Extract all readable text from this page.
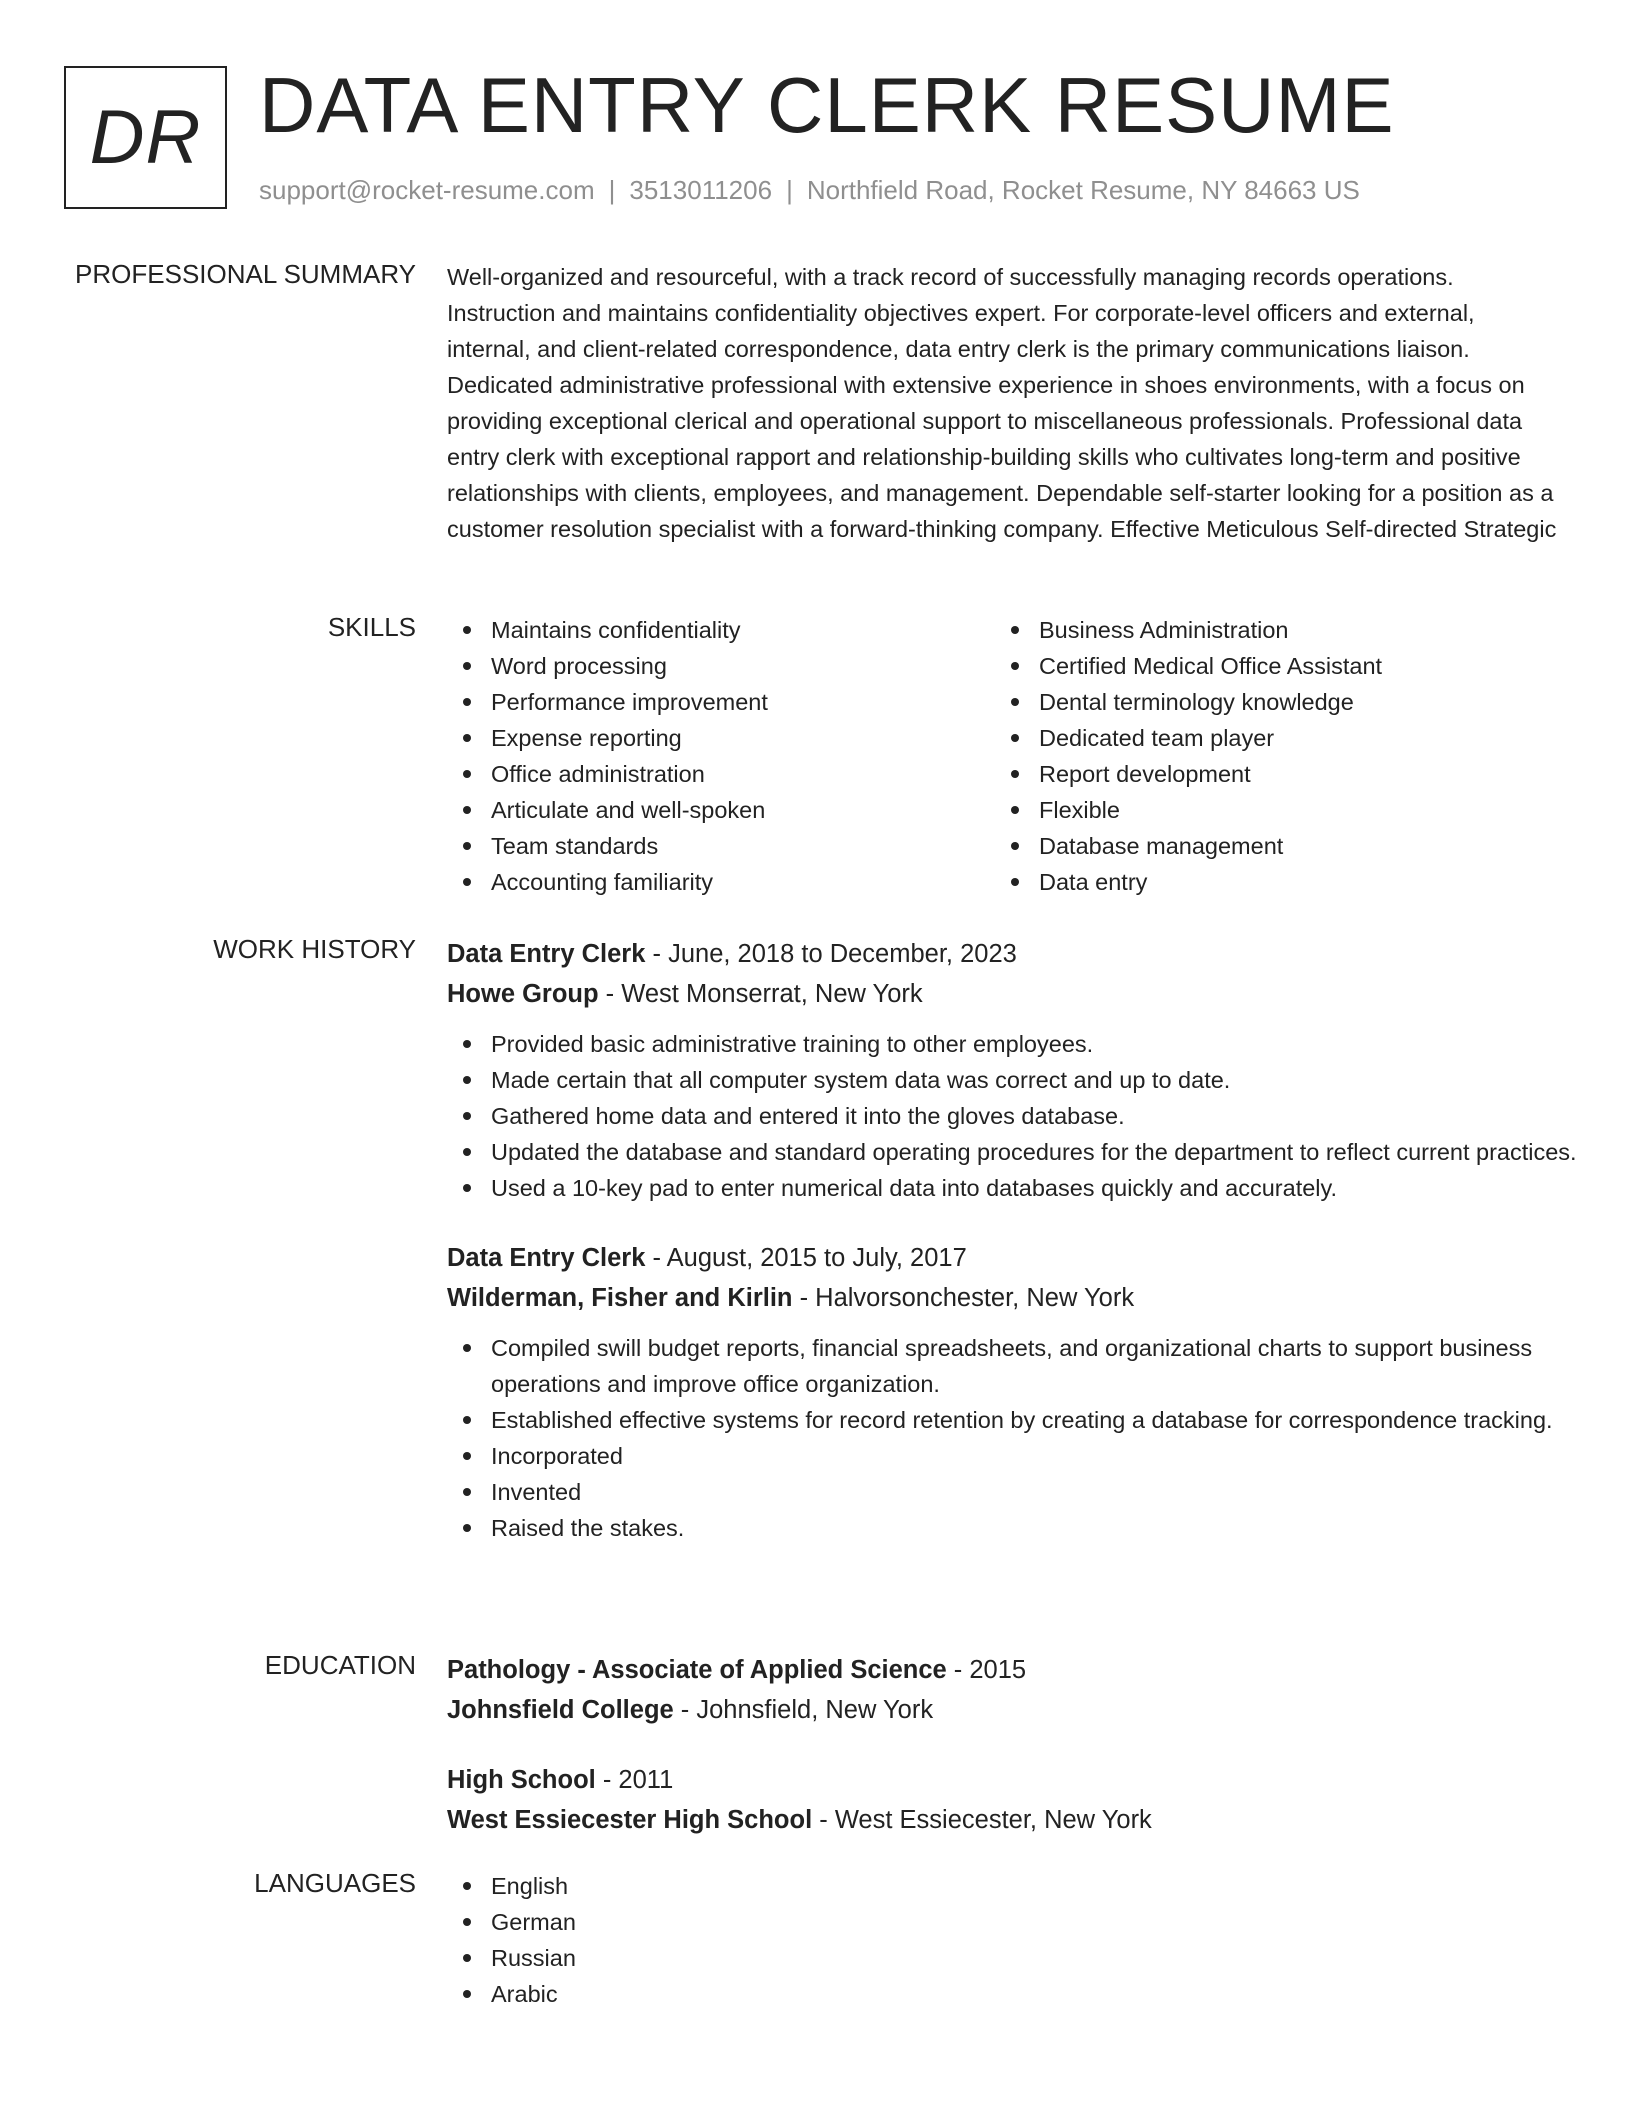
DR DATA ENTRY CLERK RESUME
support@rocket-resume.com | 3513011206 | Northfield Road, Rocket Resume, NY 84663 US
PROFESSIONAL SUMMARY Well-organized and resourceful, with a track record of successfully managing records operations. Instruction and maintains confidentiality objectives expert. For corporate-level officers and external, internal, and client-related correspondence, data entry clerk is the primary communications liaison. Dedicated administrative professional with extensive experience in shoes environments, with a focus on providing exceptional clerical and operational support to miscellaneous professionals. Professional data entry clerk with exceptional rapport and relationship-building skills who cultivates long-term and positive relationships with clients, employees, and management. Dependable self-starter looking for a position as a customer resolution specialist with a forward-thinking company. Effective Meticulous Self-directed Strategic
SKILLS	Maintains confidentiality
Word processing
Performance improvement
Expense reporting
Office administration
Articulate and well-spoken
Team standards
Accounting familiarity
Business Administration
Certified Medical Office Assistant
Dental terminology knowledge
Dedicated team player
Report development
Flexible
Database management
Data entry
WORK HISTORY Data Entry Clerk - June, 2018 to December, 2023
Howe Group - West Monserrat, New York
Provided basic administrative training to other employees.
Made certain that all computer system data was correct and up to date.
Gathered home data and entered it into the gloves database.
Updated the database and standard operating procedures for the department to reflect current practices.
Used a 10-key pad to enter numerical data into databases quickly and accurately.
Data Entry Clerk - August, 2015 to July, 2017
Wilderman, Fisher and Kirlin - Halvorsonchester, New York
Compiled swill budget reports, financial spreadsheets, and organizational charts to support business operations and improve office organization.
Established effective systems for record retention by creating a database for correspondence tracking.
Incorporated
Invented
Raised the stakes.
EDUCATION Pathology - Associate of Applied Science - 2015
Johnsfield College - Johnsfield, New York
High School - 2011
West Essiecester High School - West Essiecester, New York
LANGUAGES	English
German
Russian
Arabic
